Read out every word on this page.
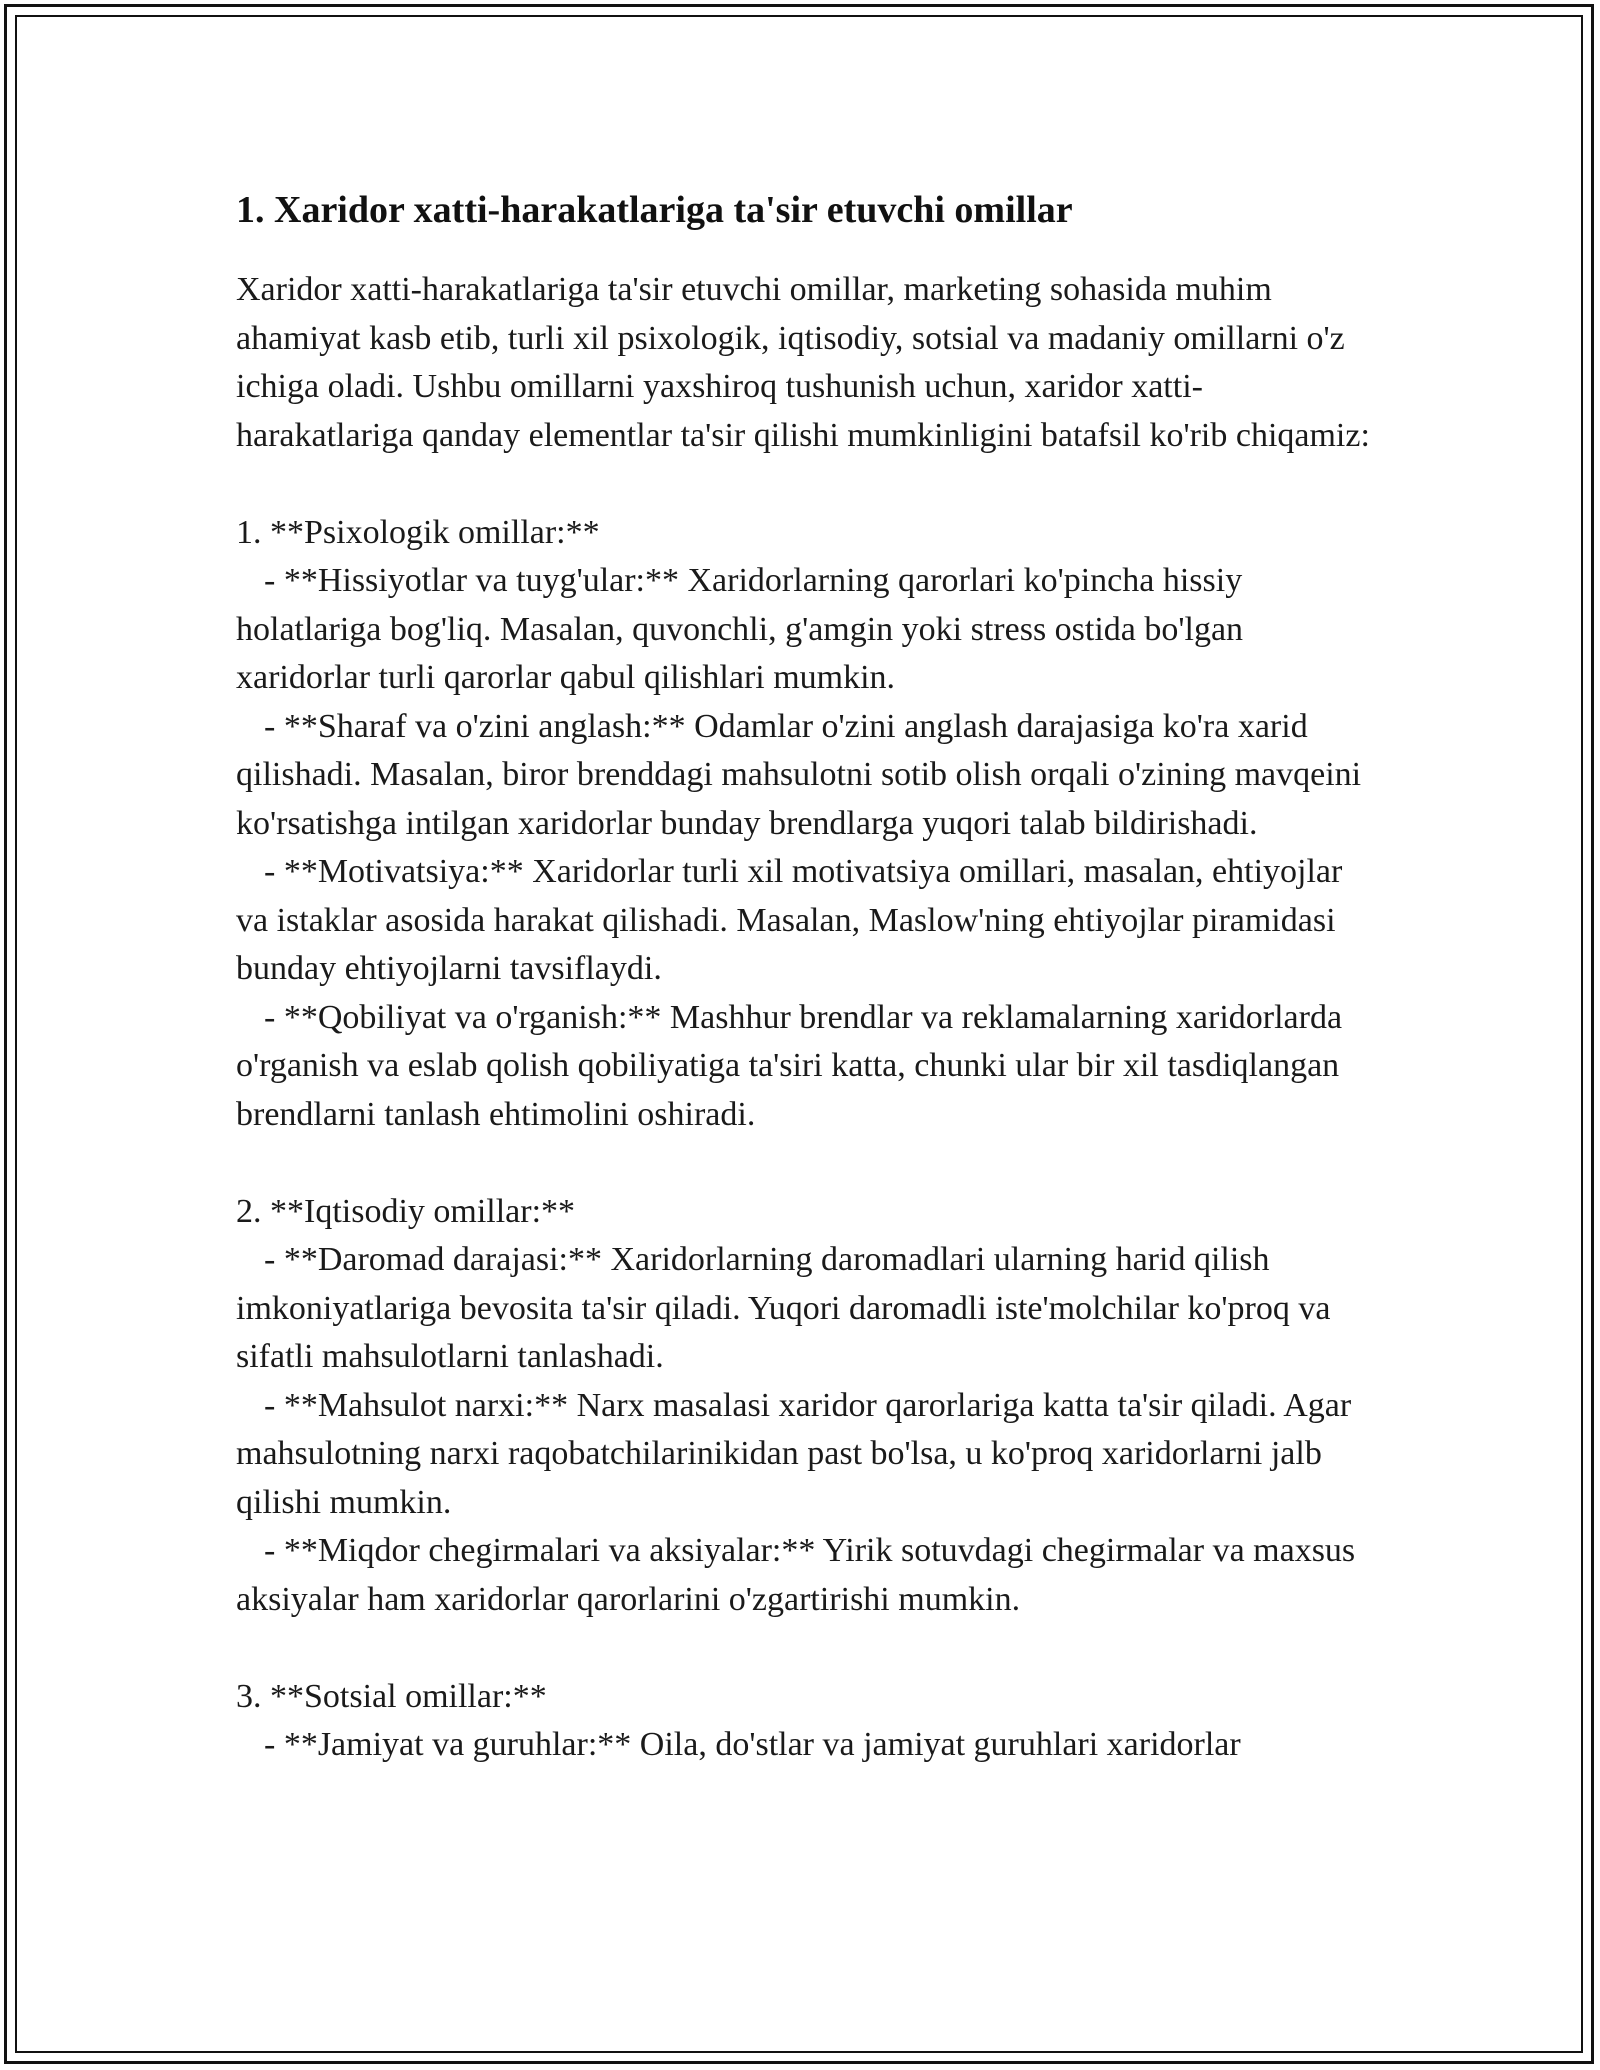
1. Xaridor xatti-harakatlariga ta'sir etuvchi omillar

Xaridor xatti-harakatlariga ta'sir etuvchi omillar, marketing sohasida muhim ahamiyat kasb etib, turli xil psixologik, iqtisodiy, sotsial va madaniy omillarni o'z ichiga oladi. Ushbu omillarni yaxshiroq tushunish uchun, xaridor xatti-harakatlariga qanday elementlar ta'sir qilishi mumkinligini batafsil ko'rib chiqamiz:

1. **Psixologik omillar:**

- **Hissiyotlar va tuyg'ular:** Xaridorlarning qarorlari ko'pincha hissiy holatlariga bog'liq. Masalan, quvonchli, g'amgin yoki stress ostida bo'lgan xaridorlar turli qarorlar qabul qilishlari mumkin.

- **Sharaf va o'zini anglash:** Odamlar o'zini anglash darajasiga ko'ra xarid qilishadi. Masalan, biror brenddagi mahsulotni sotib olish orqali o'zining mavqeini ko'rsatishga intilgan xaridorlar bunday brendlarga yuqori talab bildirishadi.

- **Motivatsiya:** Xaridorlar turli xil motivatsiya omillari, masalan, ehtiyojlar va istaklar asosida harakat qilishadi. Masalan, Maslow'ning ehtiyojlar piramidasi bunday ehtiyojlarni tavsiflaydi.

- **Qobiliyat va o'rganish:** Mashhur brendlar va reklamalarning xaridorlarda o'rganish va eslab qolish qobiliyatiga ta'siri katta, chunki ular bir xil tasdiqlangan brendlarni tanlash ehtimolini oshiradi.

2. **Iqtisodiy omillar:**

- **Daromad darajasi:** Xaridorlarning daromadlari ularning harid qilish imkoniyatlariga bevosita ta'sir qiladi. Yuqori daromadli iste'molchilar ko'proq va sifatli mahsulotlarni tanlashadi.

- **Mahsulot narxi:** Narx masalasi xaridor qarorlariga katta ta'sir qiladi. Agar mahsulotning narxi raqobatchilarinikidan past bo'lsa, u ko'proq xaridorlarni jalb qilishi mumkin.

- **Miqdor chegirmalari va aksiyalar:** Yirik sotuvdagi chegirmalar va maxsus aksiyalar ham xaridorlar qarorlarini o'zgartirishi mumkin.

3. **Sotsial omillar:**

- **Jamiyat va guruhlar:** Oila, do'stlar va jamiyat guruhlari xaridorlar
